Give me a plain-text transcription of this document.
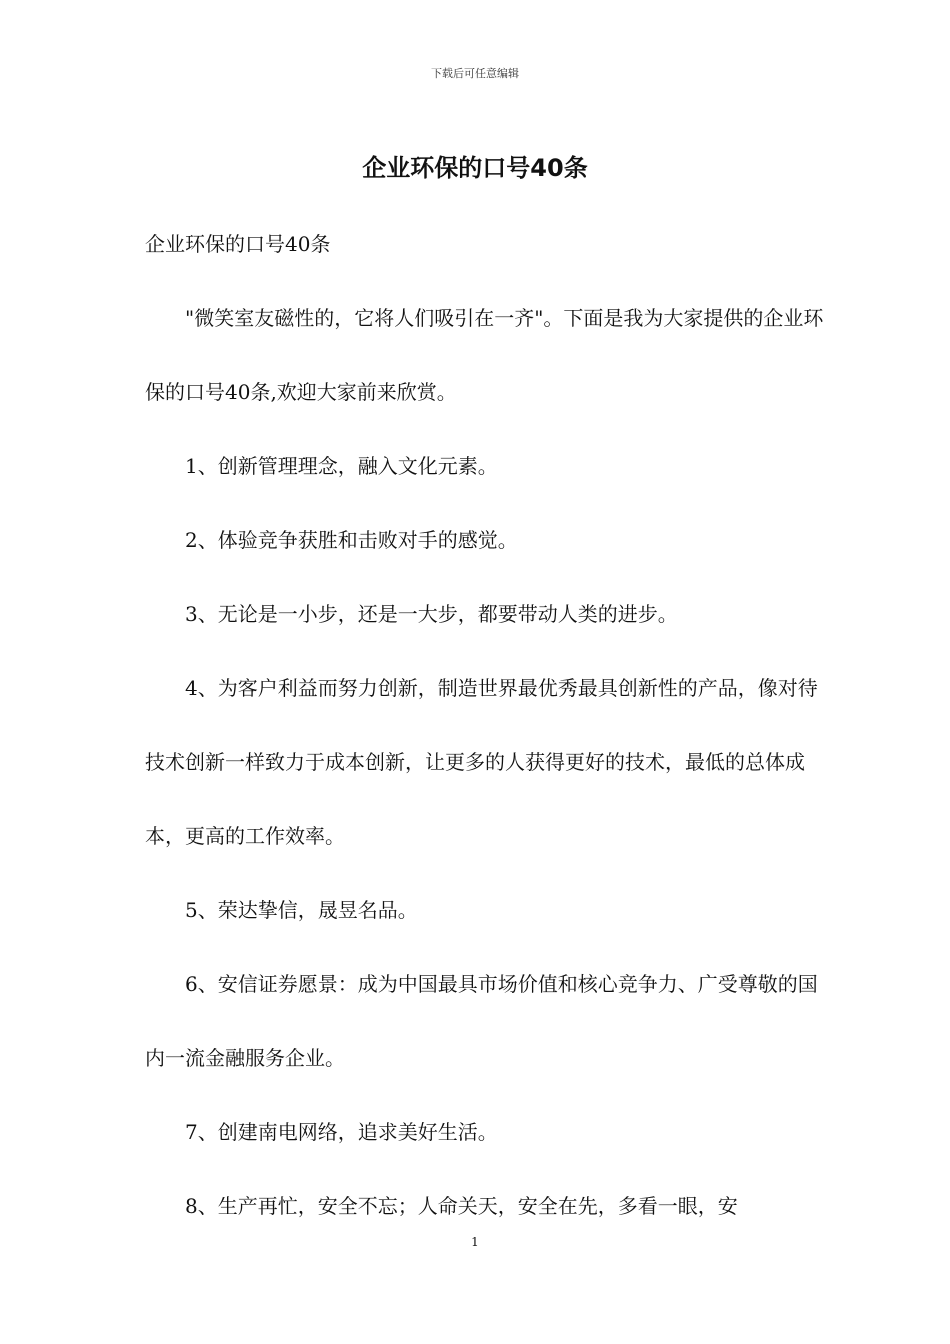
下载后可任意编辑
企业环保的口号40条

企业环保的口号40条

"微笑室友磁性的，它将人们吸引在一齐"。下面是我为大家提供的企业环保的口号40条,欢迎大家前来欣赏。

1、创新管理理念，融入文化元素。

2、体验竞争获胜和击败对手的感觉。

3、无论是一小步，还是一大步，都要带动人类的进步。

4、为客户利益而努力创新，制造世界最优秀最具创新性的产品，像对待技术创新一样致力于成本创新，让更多的人获得更好的技术，最低的总体成本，更高的工作效率。

5、荣达挚信，晟昱名品。

6、安信证券愿景：成为中国最具市场价值和核心竞争力、广受尊敬的国内一流金融服务企业。

7、创建南电网络，追求美好生活。

8、生产再忙，安全不忘；人命关天，安全在先，多看一眼，安

1
